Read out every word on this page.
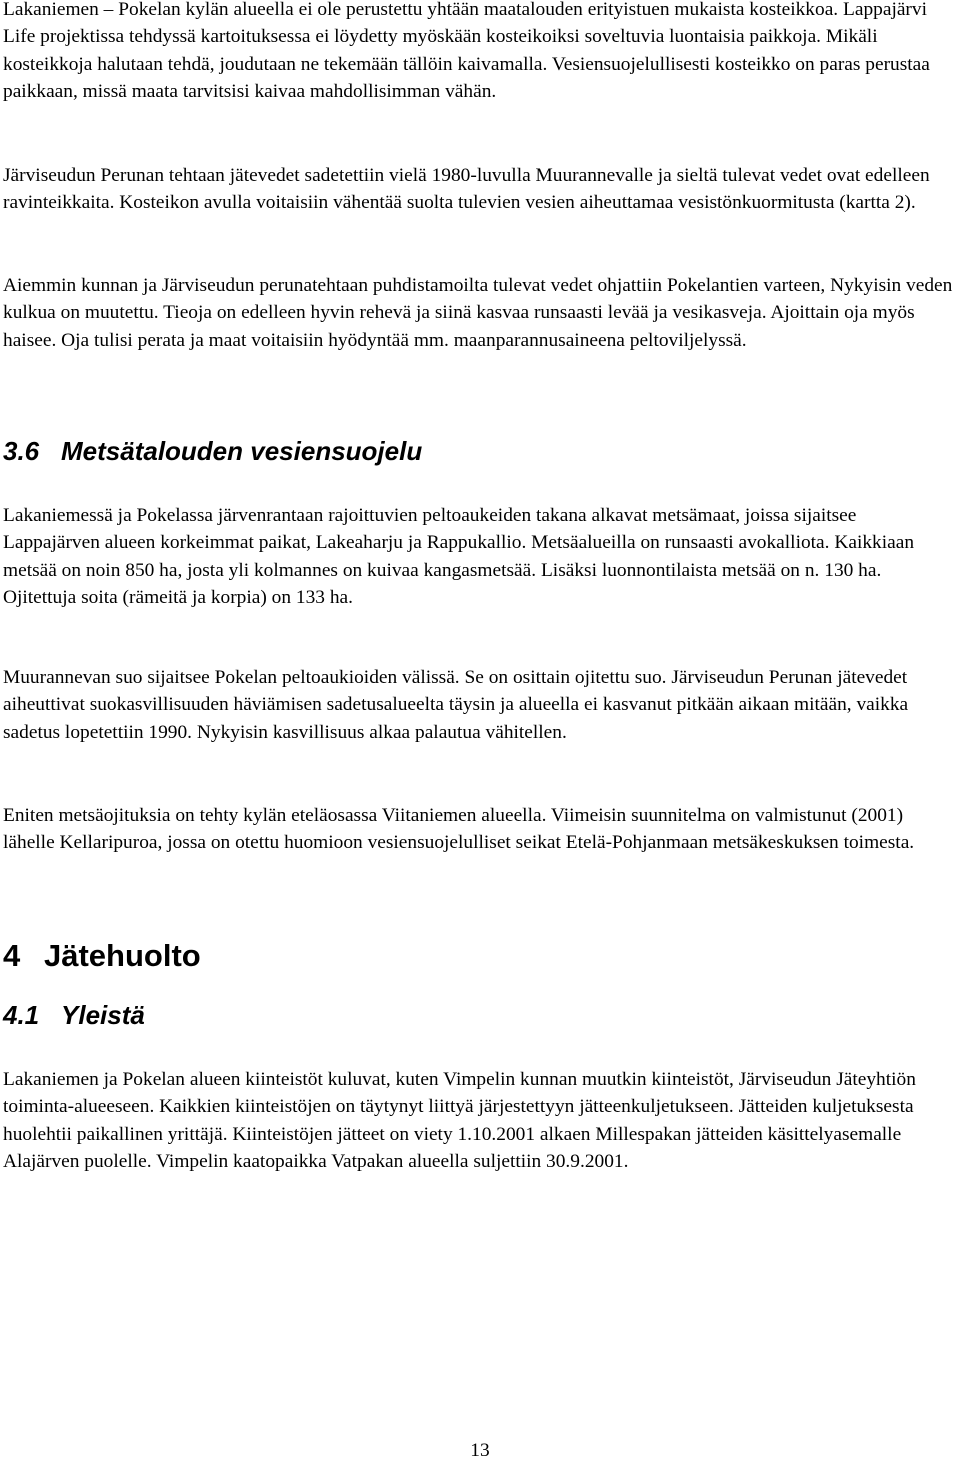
Lakaniemen – Pokelan kylän alueella ei ole perustettu yhtään maatalouden erityistuen mukaista kosteikkoa. Lappajärvi Life projektissa tehdyssä kartoituksessa ei löydetty myöskään kosteikoiksi soveltuvia luontaisia paikkoja. Mikäli kosteikkoja halutaan tehdä, joudutaan ne tekemään tällöin kaivamalla. Vesiensuojelullisesti kosteikko on paras perustaa paikkaan, missä maata tarvitsisi kaivaa mahdollisimman vähän.

Järviseudun Perunan tehtaan jätevedet sadetettiin vielä 1980-luvulla Muurannevalle ja sieltä tulevat vedet ovat edelleen ravinteikkaita. Kosteikon avulla voitaisiin vähentää suolta tulevien vesien aiheuttamaa vesistönkuormitusta (kartta 2).

Aiemmin kunnan ja Järviseudun perunatehtaan puhdistamoilta tulevat vedet ohjattiin Pokelantien varteen, Nykyisin veden kulkua on muutettu. Tieoja on edelleen hyvin rehevä ja siinä kasvaa runsaasti levää ja vesikasveja. Ajoittain oja myös haisee. Oja tulisi perata ja maat voitaisiin hyödyntää mm. maanparannusaineena peltoviljelyssä.

3.6 Metsätalouden vesiensuojelu

Lakaniemessä ja Pokelassa järvenrantaan rajoittuvien peltoaukeiden takana alkavat metsämaat, joissa sijaitsee Lappajärven alueen korkeimmat paikat, Lakeaharju ja Rappukallio. Metsäalueilla on runsaasti avokalliota. Kaikkiaan metsää on noin 850 ha, josta yli kolmannes on kuivaa kangasmetsää. Lisäksi luonnontilaista metsää on n. 130 ha. Ojitettuja soita (rämeitä ja korpia) on 133 ha.

Muurannevan suo sijaitsee Pokelan peltoaukioiden välissä. Se on osittain ojitettu suo. Järviseudun Perunan jätevedet aiheuttivat suokasvillisuuden häviämisen sadetusalueelta täysin ja alueella ei kasvanut pitkään aikaan mitään, vaikka sadetus lopetettiin 1990. Nykyisin kasvillisuus alkaa palautua vähitellen.

Eniten metsäojituksia on tehty kylän eteläosassa Viitaniemen alueella. Viimeisin suunnitelma on valmistunut (2001) lähelle Kellaripuroa, jossa on otettu huomioon vesiensuojelulliset seikat Etelä-Pohjanmaan metsäkeskuksen toimesta.

4 Jätehuolto
4.1 Yleistä

Lakaniemen ja Pokelan alueen kiinteistöt kuluvat, kuten Vimpelin kunnan muutkin kiinteistöt, Järviseudun Jäteyhtiön toiminta-alueeseen. Kaikkien kiinteistöjen on täytynyt liittyä järjestettyyn jätteenkuljetukseen. Jätteiden kuljetuksesta huolehtii paikallinen yrittäjä. Kiinteistöjen jätteet on viety 1.10.2001 alkaen Millespakan jätteiden käsittelyasemalle Alajärven puolelle. Vimpelin kaatopaikka Vatpakan alueella suljettiin 30.9.2001.

13
